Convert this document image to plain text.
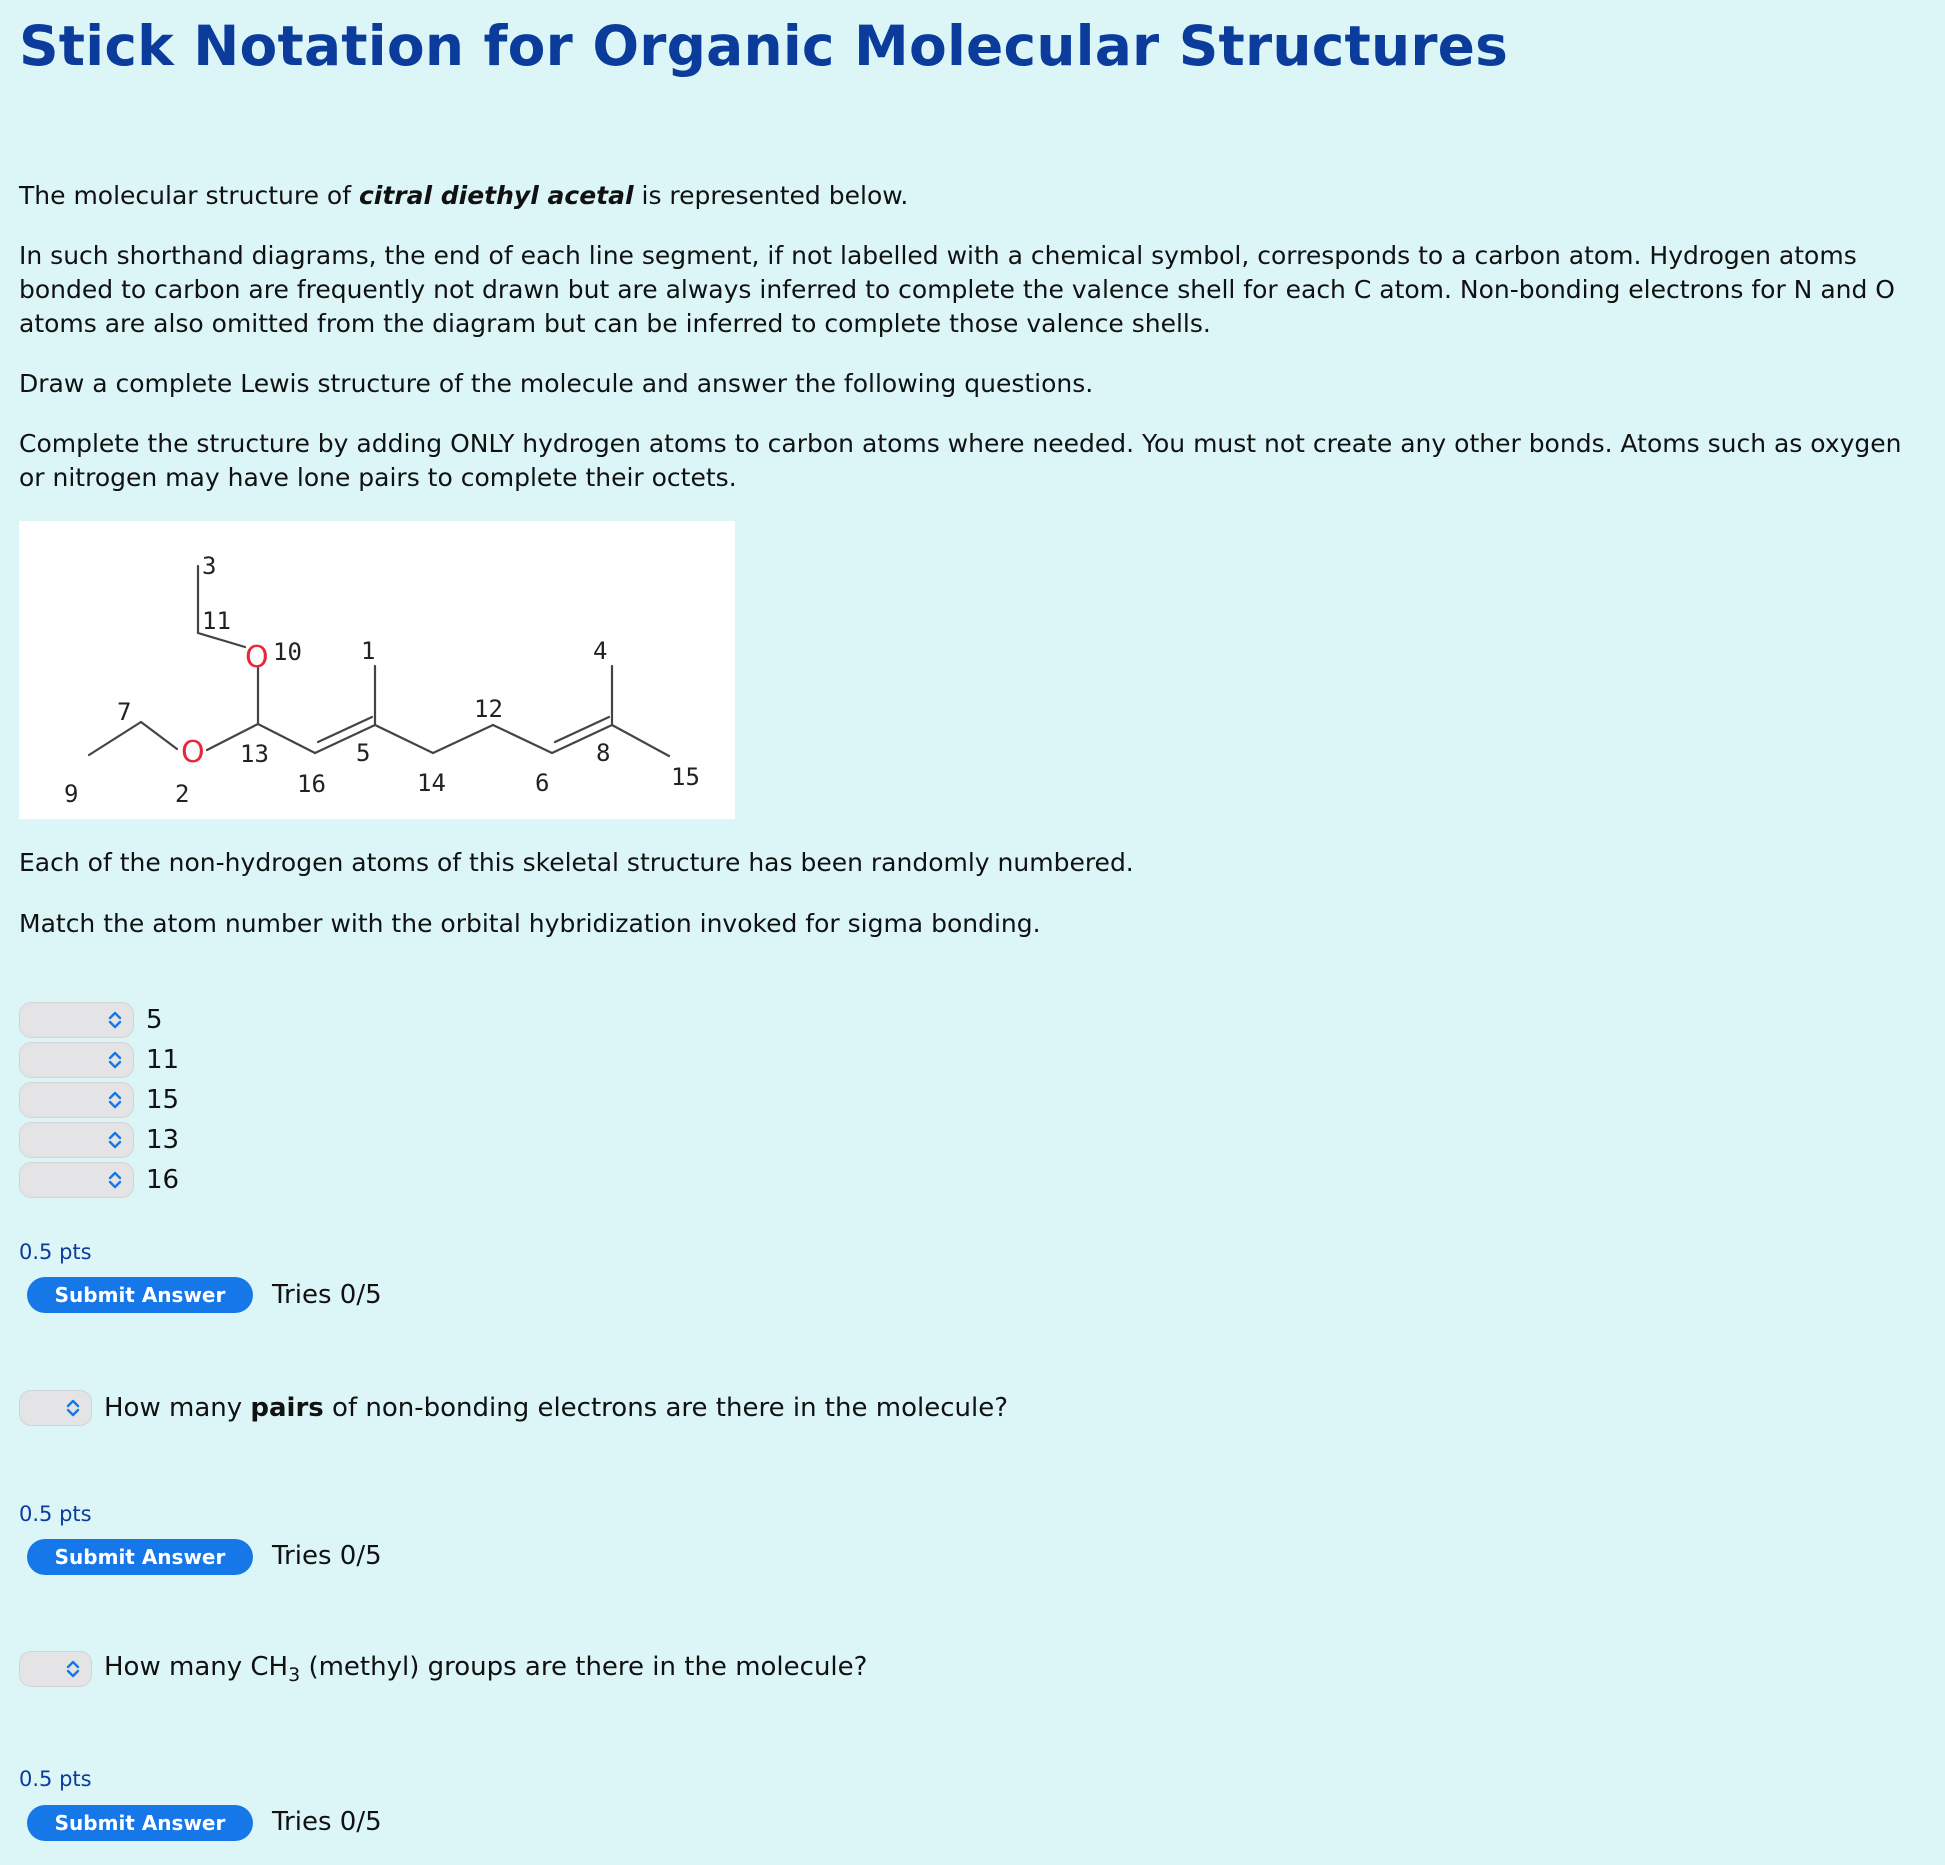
Stick Notation for Organic Molecular Structures

The molecular structure of citral diethyl acetal is represented below.

In such shorthand diagrams, the end of each line segment, if not labelled with a chemical symbol, corresponds to a carbon atom. Hydrogen atoms bonded to carbon are frequently not drawn but are always inferred to complete the valence shell for each C atom. Non-bonding electrons for N and O atoms are also omitted from the diagram but can be inferred to complete those valence shells.

Draw a complete Lewis structure of the molecule and answer the following questions.

Complete the structure by adding ONLY hydrogen atoms to carbon atoms where needed. You must not create any other bonds. Atoms such as oxygen or nitrogen may have lone pairs to complete their octets.

O
O
3
11
10 1	4
7	12
13	5	8
15
9	2	16	14	6

Each of the non-hydrogen atoms of this skeletal structure has been randomly numbered.

Match the atom number with the orbital hybridization invoked for sigma bonding.

5
11
15
13
16
0.5 pts
Submit Answer	Tries 0/5
How many pairs of non-bonding electrons are there in the molecule?
0.5 pts
Submit Answer	Tries 0/5
How many $CH_3$ (methyl) groups are there in the molecule?
0.5 pts
Submit Answer	Tries 0/5
